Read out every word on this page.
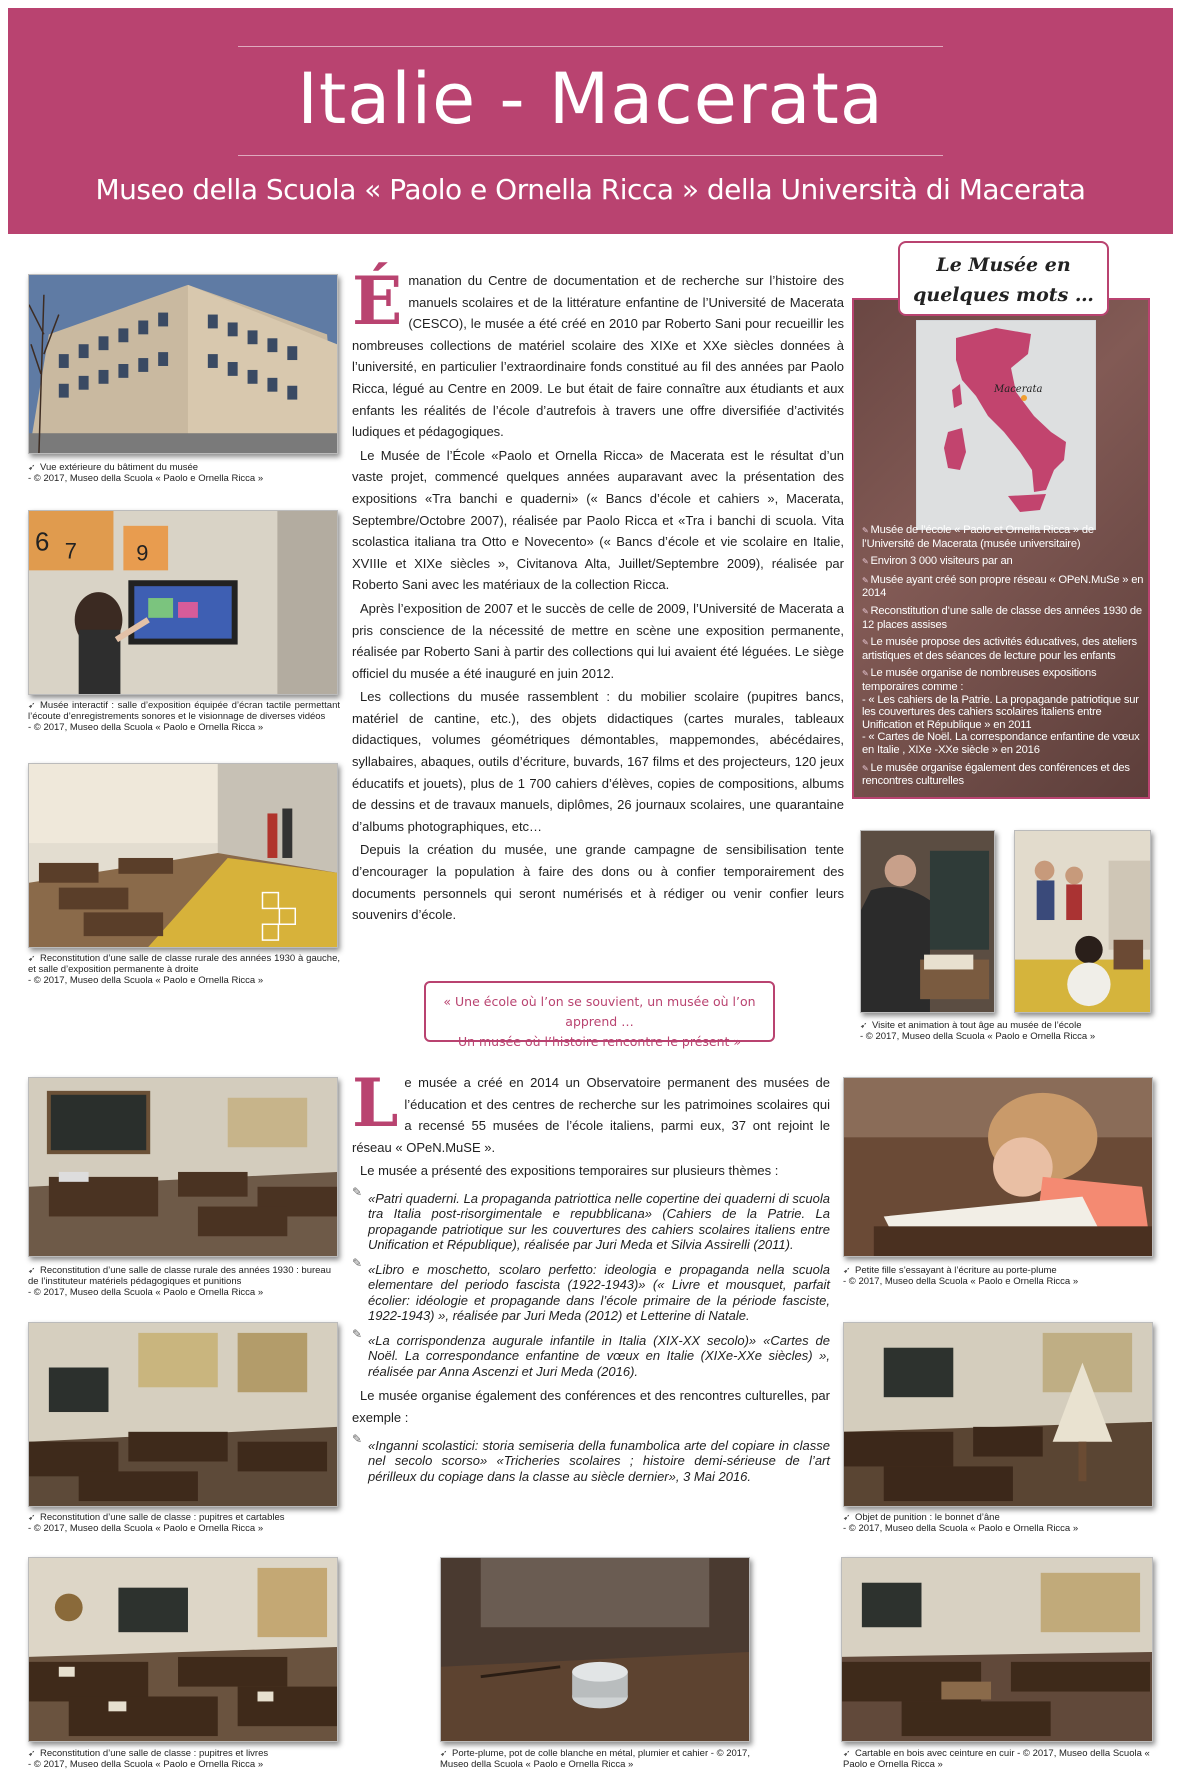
Italie - Macerata
Museo della Scuola « Paolo e Ornella Ricca » della Università di Macerata
➹ Vue extérieure du bâtiment du musée
- © 2017, Museo della Scuola « Paolo e Ornella Ricca »
6 7	9
➹ Musée interactif : salle d’exposition équipée d’écran tactile permettant l’écoute d’enregistrements sonores et le visionnage de diverses vidéos
- © 2017, Museo della Scuola « Paolo e Ornella Ricca »
➹ Reconstitution d’une salle de classe rurale des années 1930 à gauche, et salle d’exposition permanente à droite
- © 2017, Museo della Scuola « Paolo e Ornella Ricca »

Émanation du Centre de documentation et de recherche sur l’histoire des manuels scolaires et de la littérature enfantine de l’Université de Macerata (CESCO), le musée a été créé en 2010 par Roberto Sani pour recueillir les nombreuses collections de matériel scolaire des XIXe et XXe siècles données à l’université, en particulier l’extraordinaire fonds constitué au fil des années par Paolo Ricca, légué au Centre en 2009. Le but était de faire connaître aux étudiants et aux enfants les réalités de l’école d’autrefois à travers une offre diversifiée d’activités ludiques et pédagogiques.

Le Musée de l’École «Paolo et Ornella Ricca» de Macerata est le résultat d’un vaste projet, commencé quelques années auparavant avec la présentation des expositions «Tra banchi e quaderni» (« Bancs d’école et cahiers », Macerata, Septembre/Octobre 2007), réalisée par Paolo Ricca et «Tra i banchi di scuola. Vita scolastica italiana tra Otto e Novecento» (« Bancs d’école et vie scolaire en Italie, XVIIIe et XIXe siècles », Civitanova Alta, Juillet/Septembre 2009), réalisée par Roberto Sani avec les matériaux de la collection Ricca.

Après l’exposition de 2007 et le succès de celle de 2009, l’Université de Macerata a pris conscience de la nécessité de mettre en scène une exposition permanente, réalisée par Roberto Sani à partir des collections qui lui avaient été léguées. Le siège officiel du musée a été inauguré en juin 2012.

Les collections du musée rassemblent : du mobilier scolaire (pupitres bancs, matériel de cantine, etc.), des objets didactiques (cartes murales, tableaux didactiques, volumes géométriques démontables, mappemondes, abécédaires, syllabaires, abaques, outils d’écriture, buvards, 167 films et des projecteurs, 120 jeux éducatifs et jouets), plus de 1 700 cahiers d’élèves, copies de compositions, albums de dessins et de travaux manuels, diplômes, 26 journaux scolaires, une quarantaine d’albums photographiques, etc…

Depuis la création du musée, une grande campagne de sensibilisation tente d’encourager la population à faire des dons ou à confier temporairement des documents personnels qui seront numérisés et à rédiger ou venir confier leurs souvenirs d’école.

« Une école où l’on se souvient, un musée où l’on apprend …
Un musée où l’histoire rencontre le présent »
Le Musée en
quelques mots …
Macerata
✎ Musée de l’école « Paolo et Ornella Ricca » de l’Université de Macerata (musée universitaire)
✎ Environ 3 000 visiteurs par an
✎ Musée ayant créé son propre réseau « OPeN.MuSe » en 2014
✎ Reconstitution d’une salle de classe des années 1930 de 12 places assises
✎ Le musée propose des activités éducatives, des ateliers artistiques et des séances de lecture pour les enfants
✎ Le musée organise de nombreuses expositions temporaires comme :
- « Les cahiers de la Patrie. La propagande patriotique sur les couvertures des cahiers scolaires italiens entre Unification et République » en 2011
- « Cartes de Noël. La correspondance enfantine de vœux en Italie , XIXe -XXe siècle » en 2016
✎ Le musée organise également des conférences et des rencontres culturelles
➹ Visite et animation à tout âge au musée de l’école
- © 2017, Museo della Scuola « Paolo e Ornella Ricca »
➹ Reconstitution d’une salle de classe rurale des années 1930 : bureau de l’instituteur matériels pédagogiques et punitions
- © 2017, Museo della Scuola « Paolo e Ornella Ricca »
➹ Reconstitution d’une salle de classe : pupitres et cartables
- © 2017, Museo della Scuola « Paolo e Ornella Ricca »

Le musée a créé en 2014 un Observatoire permanent des musées de l’éducation et des centres de recherche sur les patrimoines scolaires qui a recensé 55 musées de l’école italiens, parmi eux, 37 ont rejoint le réseau « OPeN.MuSE ».

Le musée a présenté des expositions temporaires sur plusieurs thèmes :

✎ «Patri quaderni. La propaganda patriottica nelle copertine dei quaderni di scuola tra Italia post-risorgimentale e repubblicana» (Cahiers de la Patrie. La propagande patriotique sur les couvertures des cahiers scolaires italiens entre Unification et République), réalisée par Juri Meda et Silvia Assirelli (2011).
✎ «Libro e moschetto, scolaro perfetto: ideologia e propaganda nella scuola elementare del periodo fascista (1922-1943)» (« Livre et mousquet, parfait écolier: idéologie et propagande dans l’école primaire de la période fasciste, 1922-1943) », réalisée par Juri Meda (2012) et Letterine di Natale.
✎ «La corrispondenza augurale infantile in Italia (XIX-XX secolo)» «Cartes de Noël. La correspondance enfantine de vœux en Italie (XIXe-XXe siècles) », réalisée par Anna Ascenzi et Juri Meda (2016).

Le musée organise également des conférences et des rencontres culturelles, par exemple :

✎ «Inganni scolastici: storia semiseria della funambolica arte del copiare in classe nel secolo scorso» «Tricheries scolaires ; histoire demi-sérieuse de l’art périlleux du copiage dans la classe au siècle dernier», 3 Mai 2016.
➹ Petite fille s’essayant à l’écriture au porte-plume
- © 2017, Museo della Scuola « Paolo e Ornella Ricca »
➹ Objet de punition : le bonnet d’âne
- © 2017, Museo della Scuola « Paolo e Ornella Ricca »
➹ Reconstitution d’une salle de classe : pupitres et livres
- © 2017, Museo della Scuola « Paolo e Ornella Ricca »
➹ Porte-plume, pot de colle blanche en métal, plumier et cahier - © 2017, Museo della Scuola « Paolo e Ornella Ricca »
➹ Cartable en bois avec ceinture en cuir - © 2017, Museo della Scuola « Paolo e Ornella Ricca »
